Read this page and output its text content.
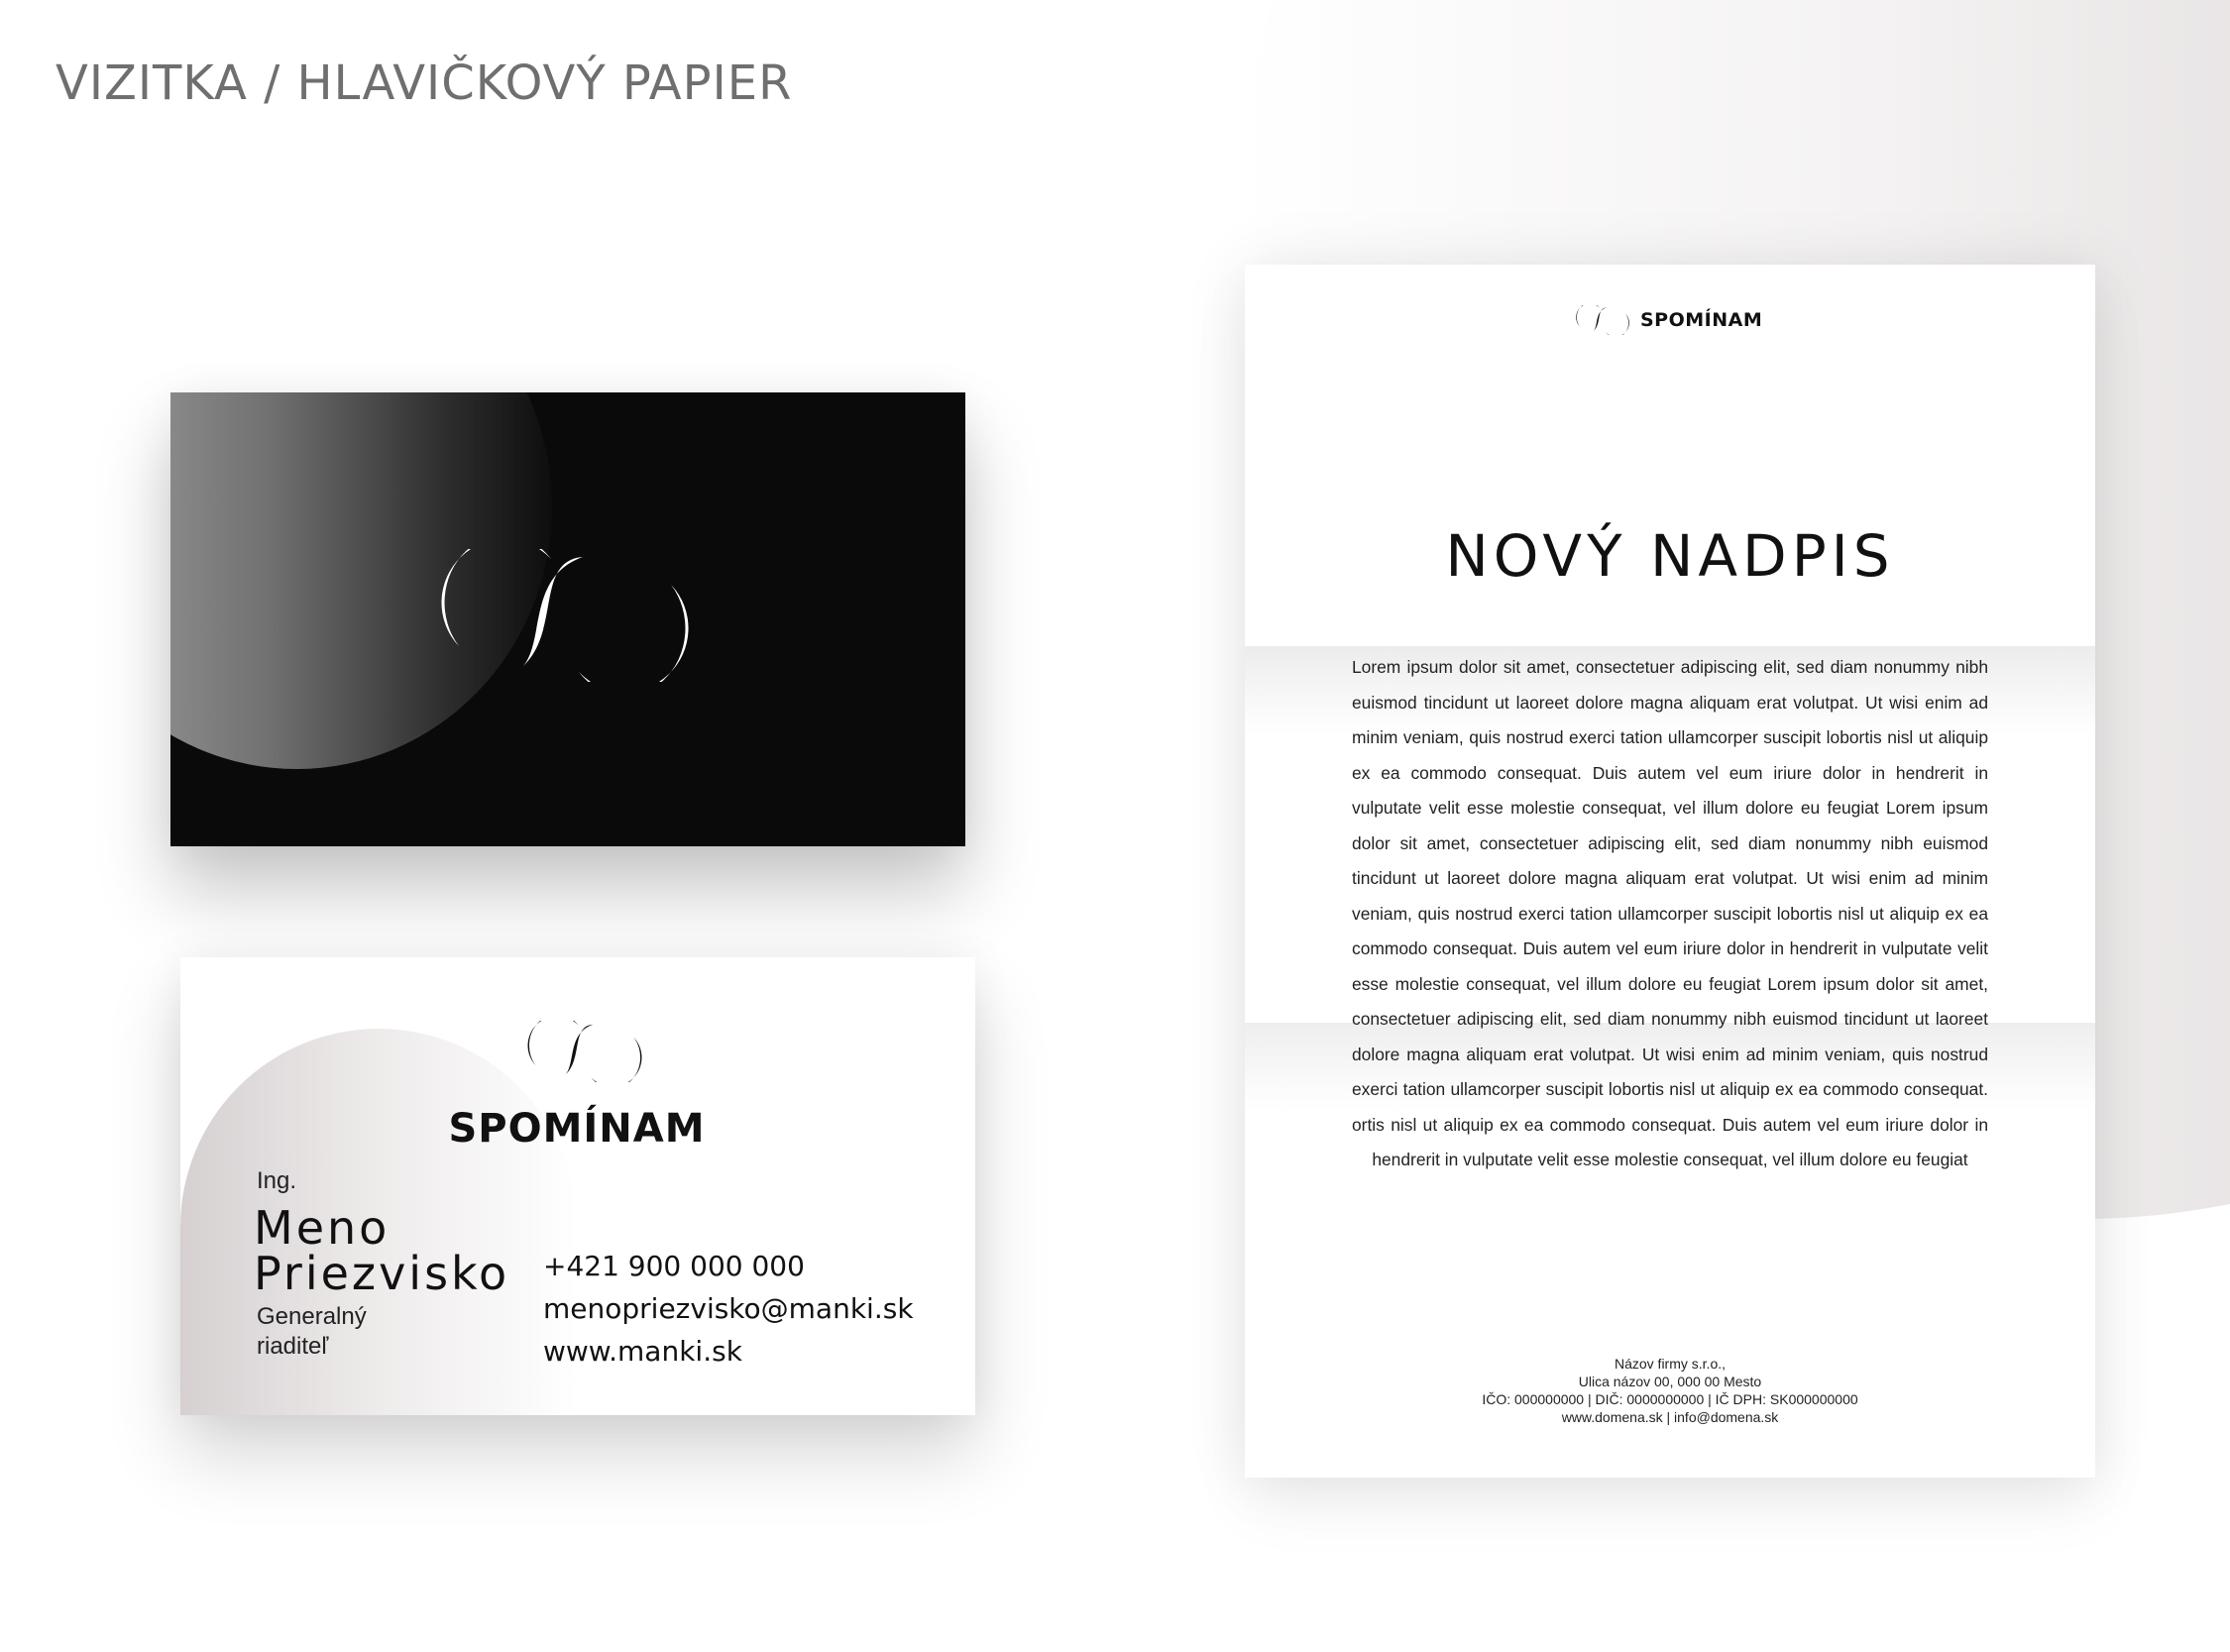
VIZITKA / HLAVIČKOVÝ PAPIER
SPOMÍNAM
Ing.
Meno
Priezvisko
Generalný
riaditeľ
+421 900 000 000
menopriezvisko@manki.sk
www.manki.sk
SPOMÍNAM
NOVÝ NADPIS

Lorem ipsum dolor sit amet, consectetuer adipiscing elit, sed diam nonummy nibh euismod tincidunt ut laoreet dolore magna aliquam erat volutpat. Ut wisi enim ad minim veniam, quis nostrud exerci tation ullamcorper suscipit lobortis nisl ut aliquip ex ea commodo consequat. Duis autem vel eum iriure dolor in hendrerit in vulputate velit esse molestie consequat, vel illum dolore eu feugiat Lorem ipsum dolor sit amet, consectetuer adipiscing elit, sed diam nonummy nibh euismod tincidunt ut laoreet dolore magna aliquam erat volutpat. Ut wisi enim ad minim veniam, quis nostrud exerci tation ullamcorper suscipit lobortis nisl ut aliquip ex ea commodo consequat. Duis autem vel eum iriure dolor in hendrerit in vulputate velit esse molestie consequat, vel illum dolore eu feugiat Lorem ipsum dolor sit amet, consectetuer adipiscing elit, sed diam nonummy nibh euismod tincidunt ut laoreet dolore magna aliquam erat volutpat. Ut wisi enim ad minim veniam, quis nostrud exerci tation ullamcorper suscipit lobortis nisl ut aliquip ex ea commodo consequat. ortis nisl ut aliquip ex ea commodo consequat. Duis autem vel eum iriure dolor in hendrerit in vulputate velit esse molestie consequat, vel illum dolore eu feugiat

Názov firmy s.r.o.,
Ulica názov 00, 000 00 Mesto
IČO: 000000000 | DIČ: 0000000000 | IČ DPH: SK000000000
www.domena.sk | info@domena.sk
